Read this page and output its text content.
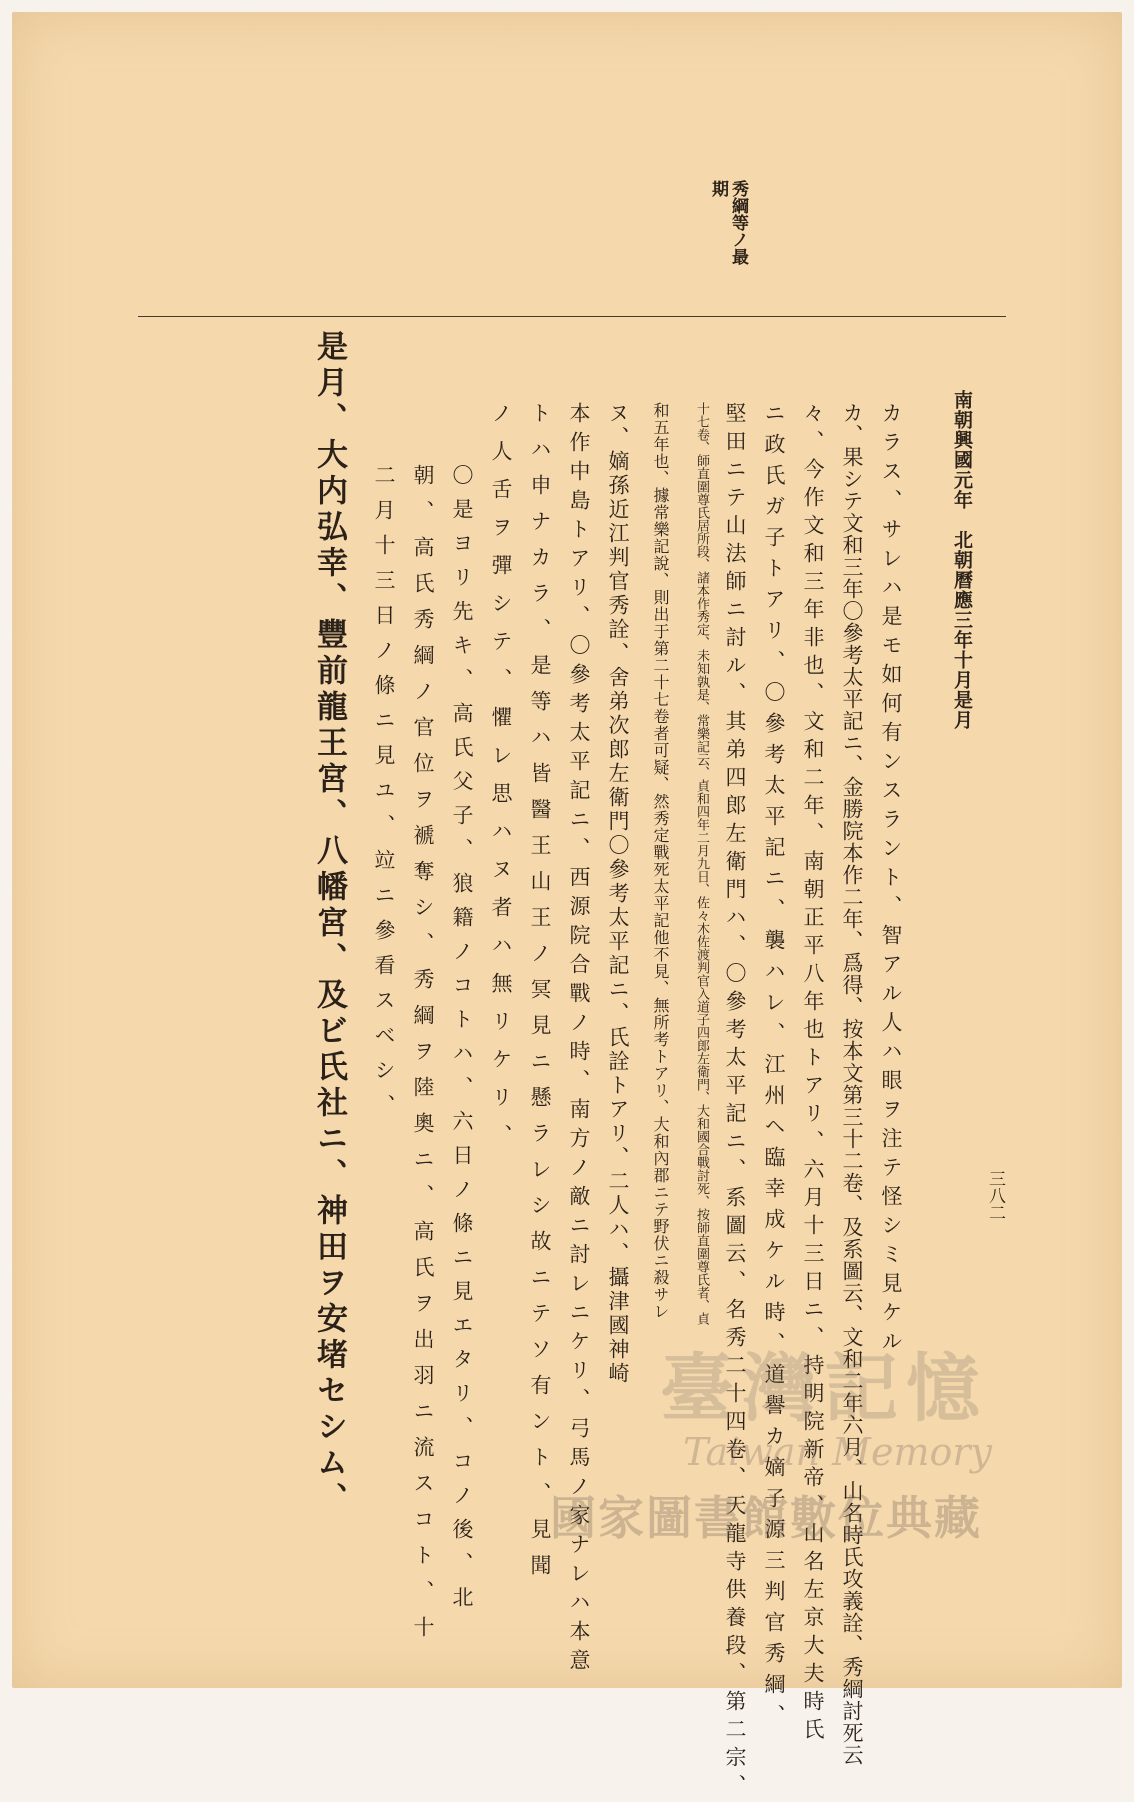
南朝興國元年　北朝曆應三年十月是月
三八二
秀綱等ノ最期
カラス、サレハ是モ如何有ンスラント、智アル人ハ眼ヲ注テ怪シミ見ケル
カ、果シテ文和三年〇參考太平記ニ、金勝院本作二年、爲得、按本文第三十二卷、及系圖云、文和二年六月、山名時氏攻義詮、秀綱討死云
々、今作文和三年非也、文和二年、南朝正平八年也トアリ、六月十三日ニ、持明院新帝、山名左京大夫時氏
ニ政氏ガ子トアリ、〇參考太平記ニ、襲ハレ、江州ヘ臨幸成ケル時、道譽カ嫡子源三判官秀綱、
堅田ニテ山法師ニ討ル、其弟四郎左衛門ハ、〇參考太平記ニ、系圖云、名秀二十四卷、天龍寺供養段、第二宗、
十七卷、師直圍尊氏居所段、諸本作秀定、未知孰是、常樂記云、貞和四年二月九日、佐々木佐渡判官入道子四郎左衛門、大和國合戰討死、按師直圍尊氏者、貞
和五年也、據常樂記說、則出于第二十七卷者可疑、然秀定戰死太平記他不見、無所考トアリ、大和內郡ニテ野伏ニ殺サレ
ヌ、嫡孫近江判官秀詮、舍弟次郎左衛門〇參考太平記ニ、氏詮トアリ、二人ハ、攝津國神崎
本作中島トアリ、〇參考太平記ニ、西源院合戰ノ時、南方ノ敵ニ討レニケリ、弓馬ノ家ナレハ本意
トハ申ナカラ、是等ハ皆醫王山王ノ冥見ニ懸ラレシ故ニテソ有ント、見聞
ノ人舌ヲ彈シテ、懼レ思ハヌ者ハ無リケリ、
〇是ヨリ先キ、高氏父子、狼籍ノコトハ、六日ノ條ニ見エタリ、コノ後、北
朝、高氏秀綱ノ官位ヲ褫奪シ、秀綱ヲ陸奧ニ、高氏ヲ出羽ニ流スコト、十
二月十三日ノ條ニ見ユ、竝ニ參看スベシ、
是月、大内弘幸、豐前龍王宮、八幡宮、及ビ氏社ニ、神田ヲ安堵セシム、	臺灣記憶
Taiwan Memory
國家圖書館數位典藏
